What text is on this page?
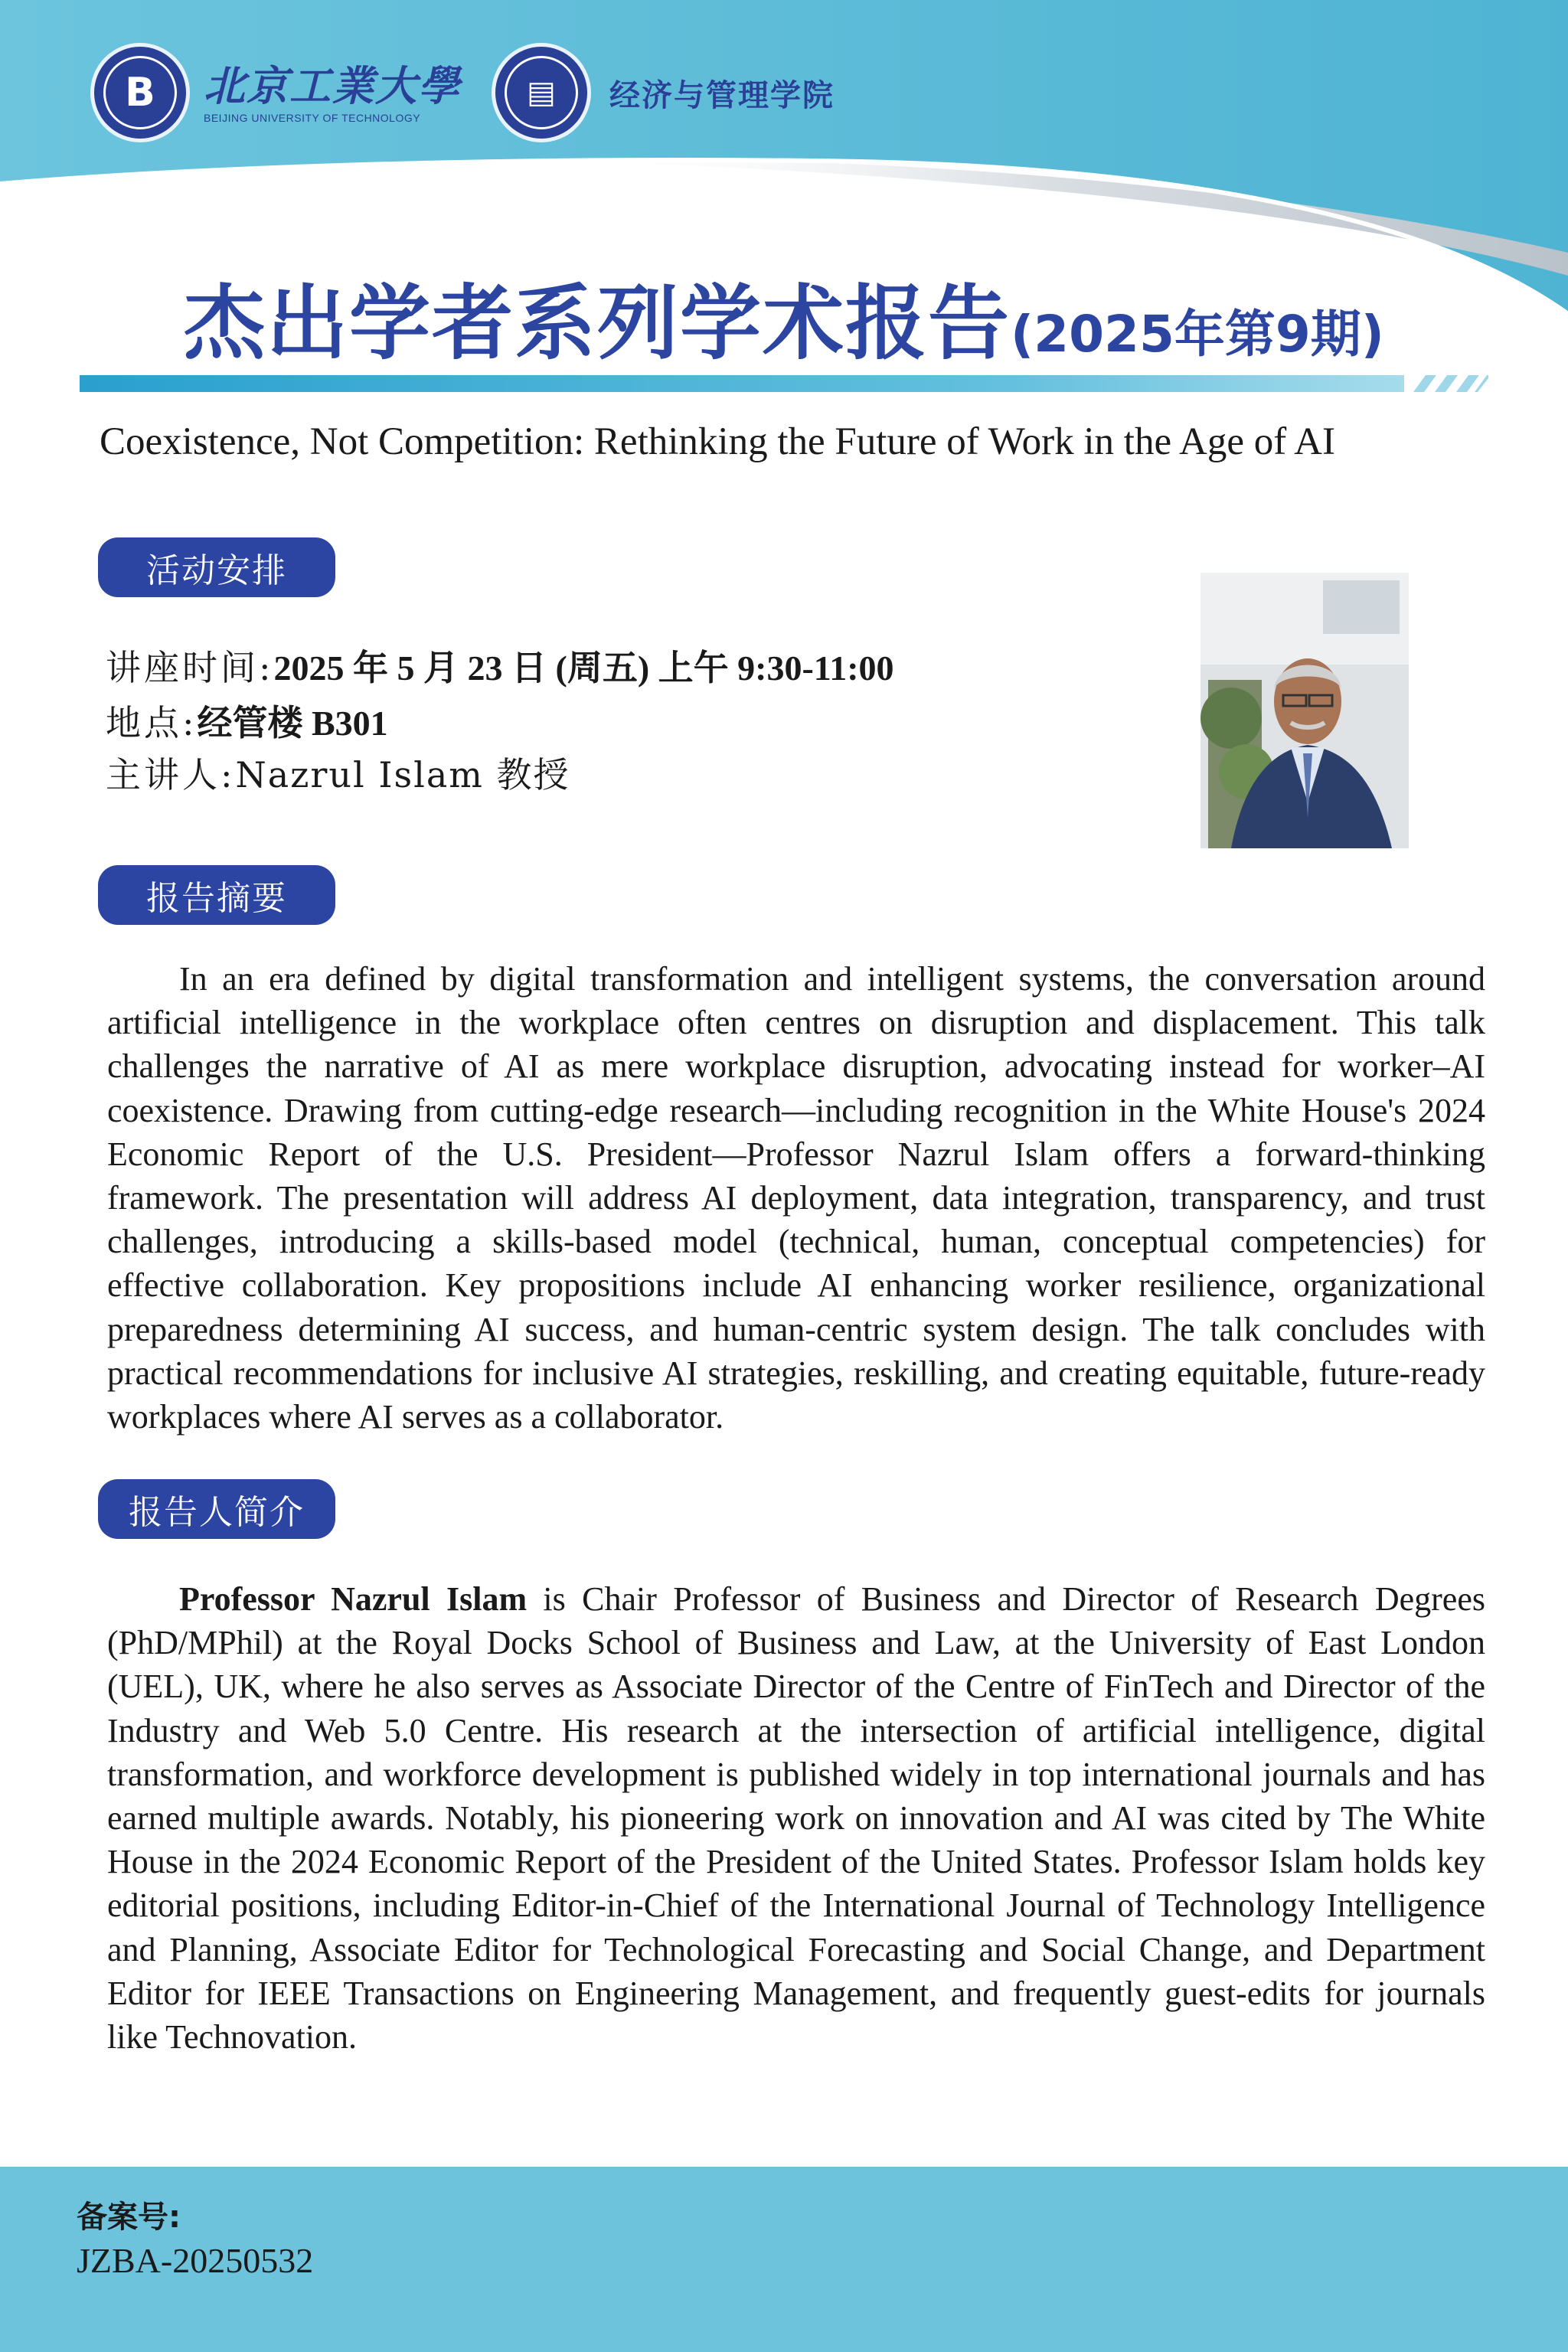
B	北京工業大學
BEIJING UNIVERSITY OF TECHNOLOGY
▤	经济与管理学院
杰出学者系列学术报告(2025年第9期)
Coexistence, Not Competition: Rethinking the Future of Work in the Age of AI
活动安排
讲座时间:2025 年 5 月 23 日 (周五) 上午 9:30-11:00
地点:经管楼 B301
主讲人:Nazrul Islam 教授
报告摘要

In an era defined by digital transformation and intelligent systems, the conversation around artificial intelligence in the workplace often centres on disruption and displacement. This talk challenges the narrative of AI as mere workplace disruption, advocating instead for worker–AI coexistence. Drawing from cutting-edge research—including recognition in the White House's 2024 Economic Report of the U.S. President—Professor Nazrul Islam offers a forward-thinking framework. The presentation will address AI deployment, data integration, transparency, and trust challenges, introducing a skills-based model (technical, human, conceptual competencies) for effective collaboration. Key propositions include AI enhancing worker resilience, organizational preparedness determining AI success, and human-centric system design. The talk concludes with practical recommendations for inclusive AI strategies, reskilling, and creating equitable, future-ready workplaces where AI serves as a collaborator.

报告人简介

Professor Nazrul Islam is Chair Professor of Business and Director of Research Degrees (PhD/MPhil) at the Royal Docks School of Business and Law, at the University of East London (UEL), UK, where he also serves as Associate Director of the Centre of FinTech and Director of the Industry and Web 5.0 Centre. His research at the intersection of artificial intelligence, digital transformation, and workforce development is published widely in top international journals and has earned multiple awards. Notably, his pioneering work on innovation and AI was cited by The White House in the 2024 Economic Report of the President of the United States. Professor Islam holds key editorial positions, including Editor-in-Chief of the International Journal of Technology Intelligence and Planning, Associate Editor for Technological Forecasting and Social Change, and Department Editor for IEEE Transactions on Engineering Management, and frequently guest-edits for journals like Technovation.

备案号:
JZBA-20250532
